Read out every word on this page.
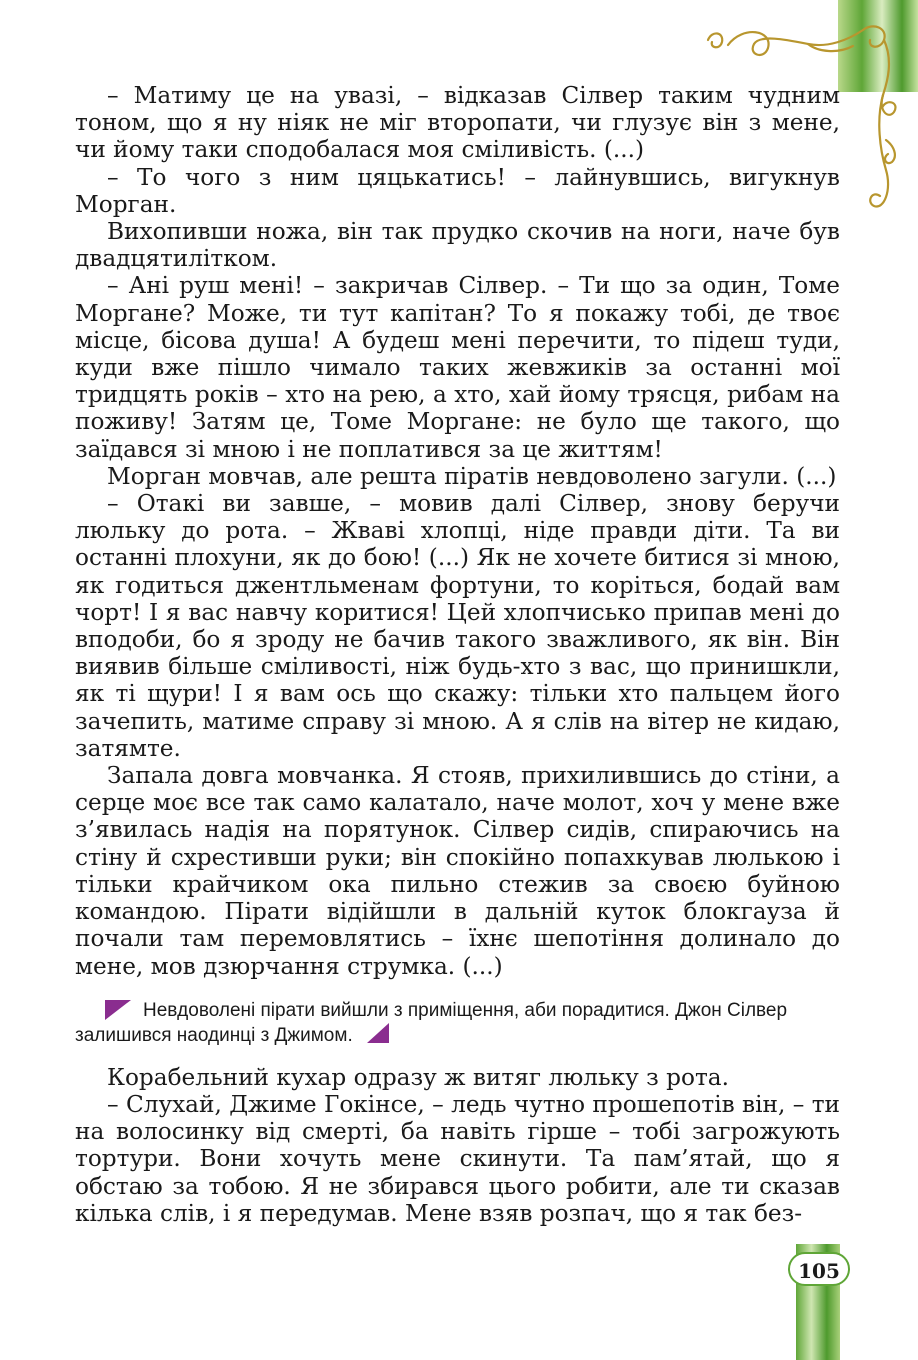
– Матиму це на увазі, – відказав Сілвер таким чудним тоном, що я ну ніяк не міг второпати, чи глузує він з мене, чи йому таки сподобалася моя сміливість. (...)

– То чого з ним цяцькатись! – лайнувшись, вигукнув Морган.

Вихопивши ножа, він так прудко скочив на ноги, наче був двадцятилітком.

– Ані руш мені! – закричав Сілвер. – Ти що за один, Томе Моргане? Може, ти тут капітан? То я покажу тобі, де твоє місце, бісова душа! А будеш мені перечити, то підеш туди, куди вже пішло чимало таких жевжиків за останні мої тридцять років – хто на рею, а хто, хай йому трясця, рибам на поживу! Затям це, Томе Моргане: не було ще такого, що заїдався зі мною і не поплатився за це життям!

Морган мовчав, але решта піратів невдоволено загули. (...)

– Отакі ви завше, – мовив далі Сілвер, знову беручи люльку до рота. – Жваві хлопці, ніде правди діти. Та ви останні плохуни, як до бою! (...) Як не хочете битися зі мною, як годиться джентльменам фортуни, то коріться, бодай вам чорт! І я вас навчу коритися! Цей хлопчисько припав мені до вподоби, бо я зроду не бачив такого зважливого, як він. Він виявив більше сміливості, ніж будь-хто з вас, що принишкли, як ті щури! І я вам ось що скажу: тільки хто пальцем його зачепить, матиме справу зі мною. А я слів на вітер не кидаю, затямте.

Запала довга мовчанка. Я стояв, прихилившись до стіни, а серце моє все так само калатало, наче молот, хоч у мене вже з’явилась надія на порятунок. Сілвер сидів, спираючись на стіну й схрестивши руки; він спокійно попахкував люлькою і тільки крайчиком ока пильно стежив за своєю буйною командою. Пірати відійшли в дальній куток блокгауза й почали там перемовлятись – їхнє шепотіння долинало до мене, мов дзюрчання струмка. (...)

Невдоволені пірати вийшли з приміщення, аби порадитися. Джон Сілвер залишився наодинці з Джимом.

Корабельний кухар одразу ж витяг люльку з рота.

– Слухай, Джиме Гокінсе, – ледь чутно прошепотів він, – ти на волосинку від смерті, ба навіть гірше – тобі загрожують тортури. Вони хочуть мене скинути. Та пам’ятай, що я обстаю за тобою. Я не збирався цього робити, але ти сказав кілька слів, і я передумав. Мене взяв розпач, що я так без-

105
